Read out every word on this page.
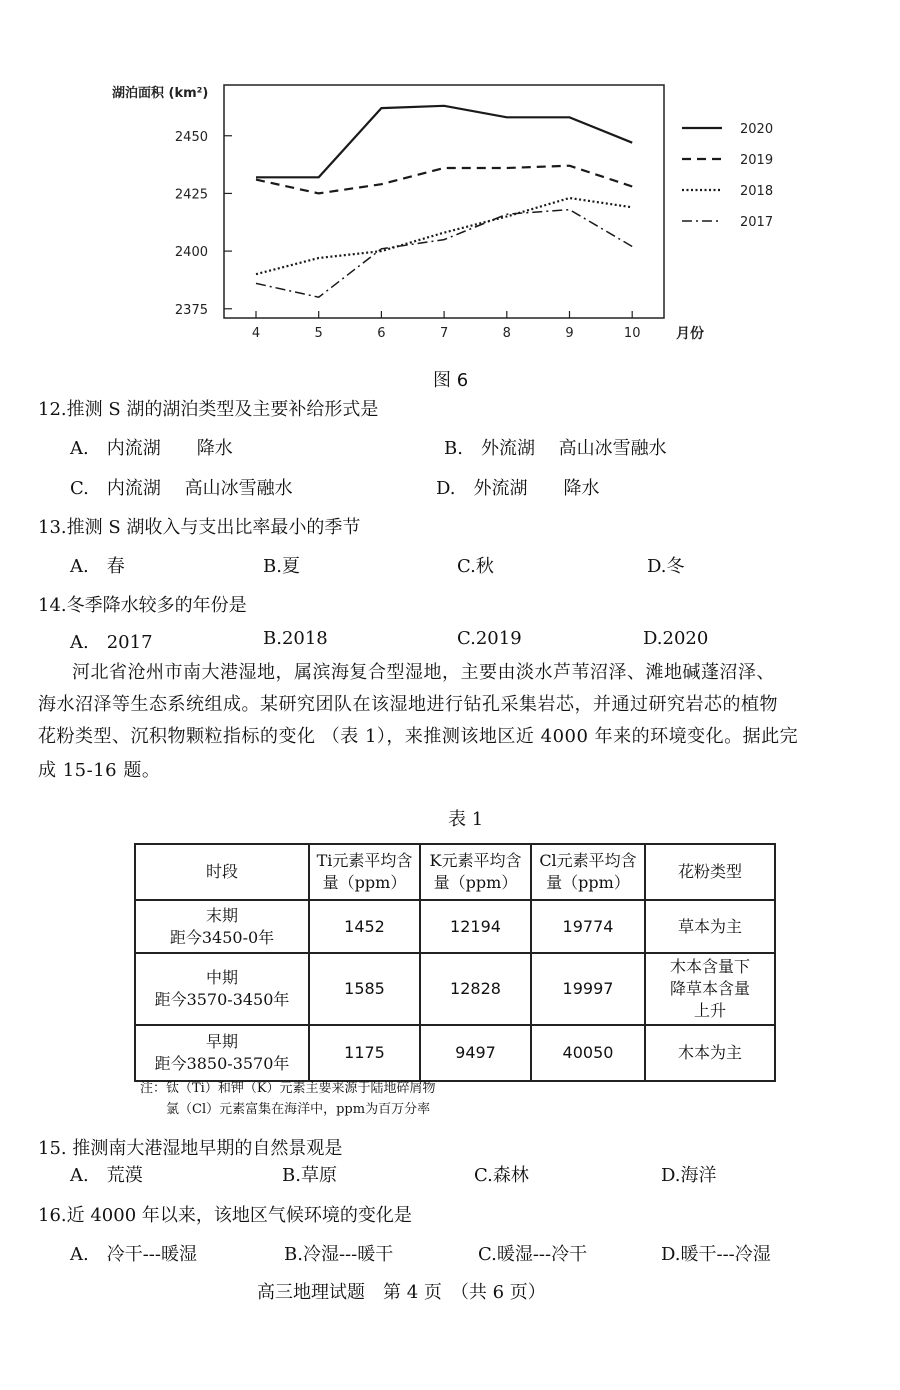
2375
2400
2425
2450
4	5	6	7	8	9	10
湖泊面积 (km²)
月份
2020
2019
2018
2017
图 6
12.推测 S 湖的湖泊类型及主要补给形式是
A.　内流湖　　降水	B.　外流湖　 高山冰雪融水
C.　内流湖　 高山冰雪融水	D.　外流湖　　降水
13.推测 S 湖收入与支出比率最小的季节
A.　春	B.夏	C.秋	D.冬
14.冬季降水较多的年份是
A.　2017	B.2018	C.2019	D.2020
河北省沧州市南大港湿地，属滨海复合型湿地，主要由淡水芦苇沼泽、滩地碱蓬沼泽、
海水沼泽等生态系统组成。某研究团队在该湿地进行钻孔采集岩芯，并通过研究岩芯的植物
花粉类型、沉积物颗粒指标的变化 （表 1），来推测该地区近 4000 年来的环境变化。据此完
成 15-16 题。
表 1
时段	Ti元素平均含量（ppm）	K元素平均含量（ppm）	Cl元素平均含量（ppm）	花粉类型

末期
距今3450-0年	1452	12194	19774	草本为主

中期
距今3570-3450年	1585	12828	19997	木本含量下降草本含量上升

早期
距今3850-3570年	1175	9497	40050	木本为主
注：钛（Ti）和钾（K）元素主要来源于陆地碎屑物
氯（Cl）元素富集在海洋中，ppm为百万分率
15. 推测南大港湿地早期的自然景观是
A.　荒漠	B.草原	C.森林	D.海洋
16.近 4000 年以来，该地区气候环境的变化是
A.　冷干---暖湿	B.冷湿---暖干	C.暖湿---冷干	D.暖干---冷湿
高三地理试题　第 4 页　（共 6 页）
